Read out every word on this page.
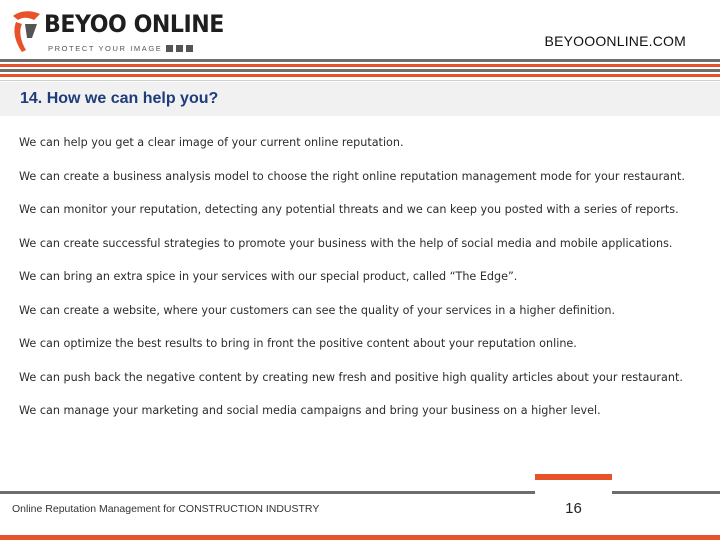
BEYOO ONLINE
PROTECT YOUR IMAGE	BEYOOONLINE.COM
14. How we can help you?
We can help you get a clear image of your current online reputation.
We can create a business analysis model to choose the right online reputation management mode for your restaurant.
We can monitor your reputation, detecting any potential threats and we can keep you posted with a series of reports.
We can create successful strategies to promote your business with the help of social media and mobile applications.
We can bring an extra spice in your services with our special product, called “The Edge”.
We can create a website, where your customers can see the quality of your services in a higher definition.
We can optimize the best results to bring in front the positive content about your reputation online.
We can push back the negative content by creating new fresh and positive high quality articles about your restaurant.
We can manage your marketing and social media campaigns and bring your business on a higher level.
Online Reputation Management for CONSTRUCTION INDUSTRY	16
